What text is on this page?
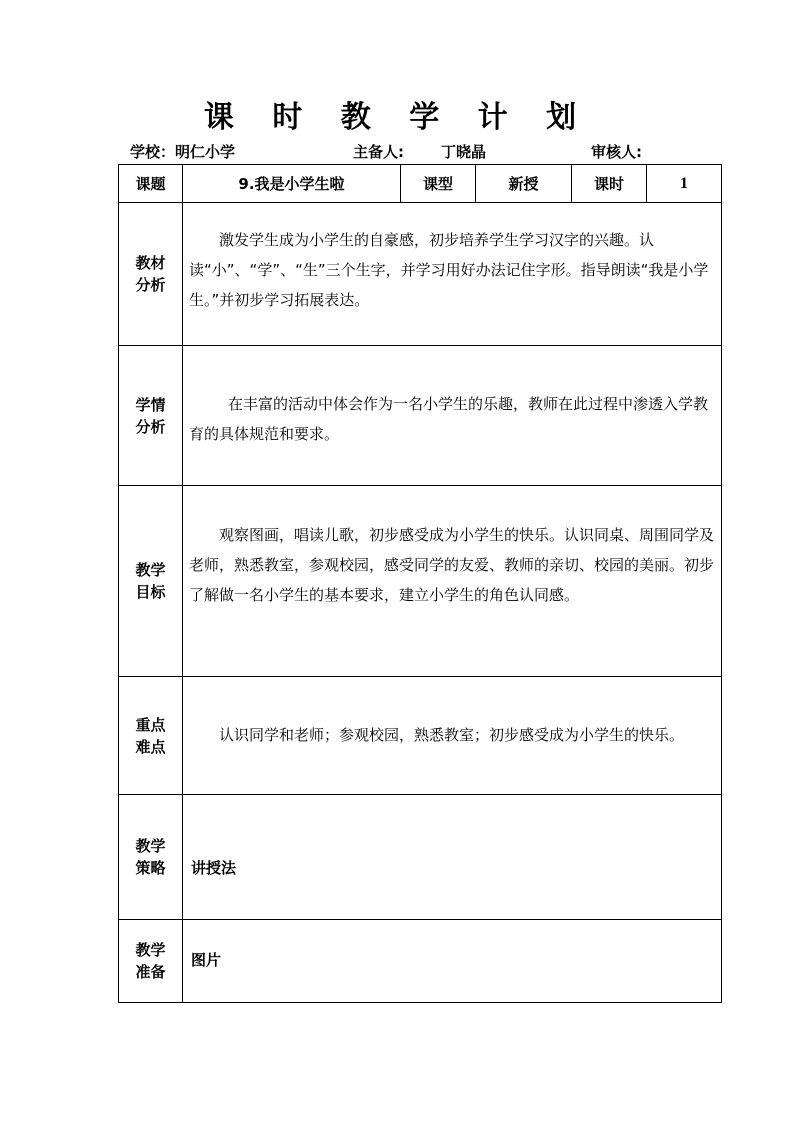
课 时 教 学 计 划
学校：明仁小学	主备人: 丁晓晶	审核人:
课题	9.我是小学生啦	课型	新授	课时	1

教材
分析	激发学生成为小学生的自豪感，初步培养学生学习汉字的兴趣。认读“小”、“学”、“生”三个生字，并学习用好办法记住字形。指导朗读“我是小学生。”并初步学习拓展表达。				

学情
分析	在丰富的活动中体会作为一名小学生的乐趣，教师在此过程中渗透入学教育的具体规范和要求。				

教学
目标	观察图画，唱读儿歌，初步感受成为小学生的快乐。认识同桌、周围同学及老师，熟悉教室，参观校园，感受同学的友爱、教师的亲切、校园的美丽。初步了解做一名小学生的基本要求，建立小学生的角色认同感。				

重点
难点	认识同学和老师；参观校园，熟悉教室；初步感受成为小学生的快乐。				

教学
策略	讲授法				

教学
准备	图片				
